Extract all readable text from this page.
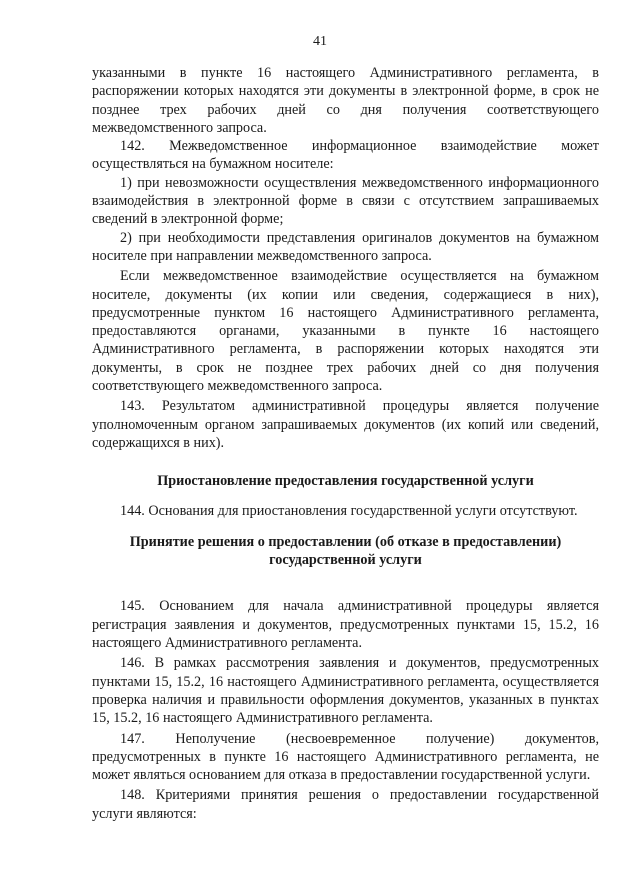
41

указанными в пункте 16 настоящего Административного регламента, в распоряжении которых находятся эти документы в электронной форме, в срок не позднее трех рабочих дней со дня получения соответствующего межведомственного запроса.

142. Межведомственное информационное взаимодействие может осуществляться на бумажном носителе:

1) при невозможности осуществления межведомственного информационного взаимодействия в электронной форме в связи с отсутствием запрашиваемых сведений в электронной форме;

2) при необходимости представления оригиналов документов на бумажном носителе при направлении межведомственного запроса.

Если межведомственное взаимодействие осуществляется на бумажном носителе, документы (их копии или сведения, содержащиеся в них), предусмотренные пунктом 16 настоящего Административного регламента, предоставляются органами, указанными в пункте 16 настоящего Административного регламента, в распоряжении которых находятся эти документы, в срок не позднее трех рабочих дней со дня получения соответствующего межведомственного запроса.

143. Результатом административной процедуры является получение уполномоченным органом запрашиваемых документов (их копий или сведений, содержащихся в них).

Приостановление предоставления государственной услуги

144. Основания для приостановления государственной услуги отсутствуют.

Принятие решения о предоставлении (об отказе в предоставлении)

государственной услуги

145. Основанием для начала административной процедуры является регистрация заявления и документов, предусмотренных пунктами 15, 15.2, 16 настоящего Административного регламента.

146. В рамках рассмотрения заявления и документов, предусмотренных пунктами 15, 15.2, 16 настоящего Административного регламента, осуществляется проверка наличия и правильности оформления документов, указанных в пунктах 15, 15.2, 16 настоящего Административного регламента.

147. Неполучение (несвоевременное получение) документов, предусмотренных в пункте 16 настоящего Административного регламента, не может являться основанием для отказа в предоставлении государственной услуги.

148. Критериями принятия решения о предоставлении государственной услуги являются:
